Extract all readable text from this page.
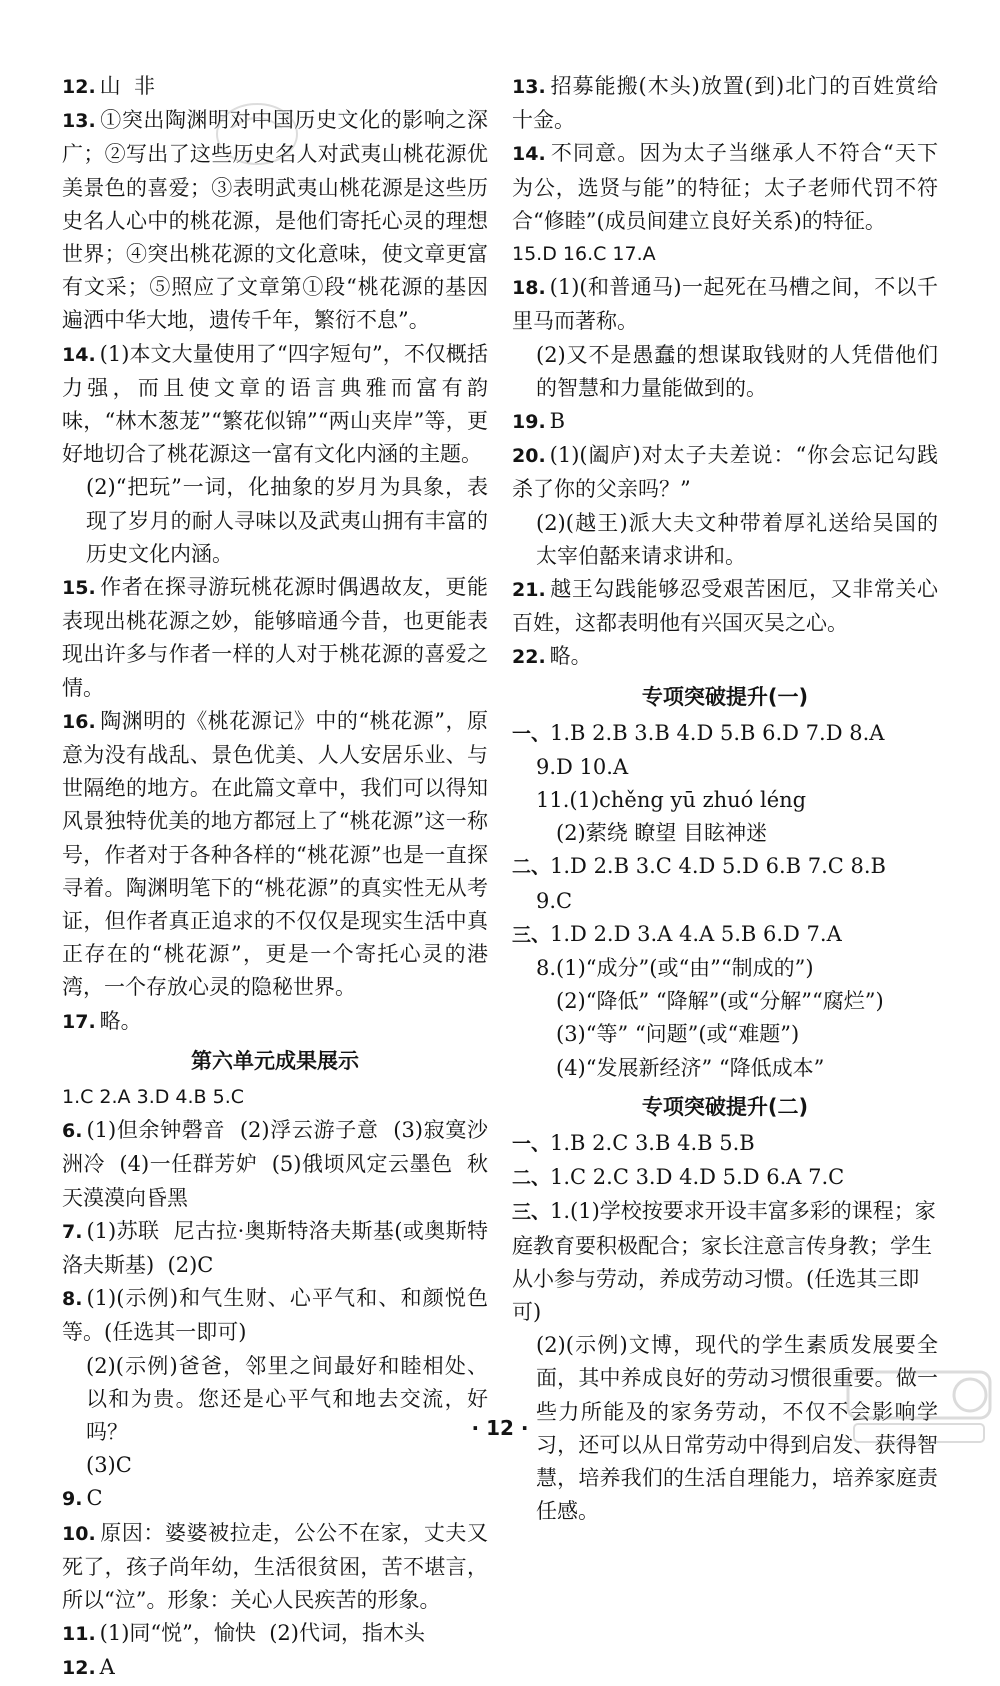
12. 山  非

13. ①突出陶渊明对中国历史文化的影响之深广；②写出了这些历史名人对武夷山桃花源优美景色的喜爱；③表明武夷山桃花源是这些历史名人心中的桃花源，是他们寄托心灵的理想世界；④突出桃花源的文化意味，使文章更富有文采；⑤照应了文章第①段“桃花源的基因遍洒中华大地，遗传千年，繁衍不息”。

14. (1)本文大量使用了“四字短句”，不仅概括力强，而且使文章的语言典雅而富有韵味，“林木葱茏”“繁花似锦”“两山夹岸”等，更好地切合了桃花源这一富有文化内涵的主题。

(2)“把玩”一词，化抽象的岁月为具象，表现了岁月的耐人寻味以及武夷山拥有丰富的历史文化内涵。

15. 作者在探寻游玩桃花源时偶遇故友，更能表现出桃花源之妙，能够暗通今昔，也更能表现出许多与作者一样的人对于桃花源的喜爱之情。

16. 陶渊明的《桃花源记》中的“桃花源”，原意为没有战乱、景色优美、人人安居乐业、与世隔绝的地方。在此篇文章中，我们可以得知风景独特优美的地方都冠上了“桃花源”这一称号，作者对于各种各样的“桃花源”也是一直探寻着。陶渊明笔下的“桃花源”的真实性无从考证，但作者真正追求的不仅仅是现实生活中真正存在的“桃花源”，更是一个寄托心灵的港湾，一个存放心灵的隐秘世界。

17. 略。

第六单元成果展示

1.C 2.A 3.D 4.B 5.C

6. (1)但余钟磬音  (2)浮云游子意  (3)寂寞沙洲冷  (4)一任群芳妒  (5)俄顷风定云墨色  秋天漠漠向昏黑

7. (1)苏联  尼古拉·奥斯特洛夫斯基(或奥斯特洛夫斯基)  (2)C

8. (1)(示例)和气生财、心平气和、和颜悦色等。(任选其一即可)

(2)(示例)爸爸，邻里之间最好和睦相处、以和为贵。您还是心平气和地去交流，好吗？

(3)C

9. C

10. 原因：婆婆被拉走，公公不在家，丈夫又死了，孩子尚年幼，生活很贫困，苦不堪言，所以“泣”。形象：关心人民疾苦的形象。

11. (1)同“悦”，愉快  (2)代词，指木头

12. A

13. 招募能搬(木头)放置(到)北门的百姓赏给十金。

14. 不同意。因为太子当继承人不符合“天下为公，选贤与能”的特征；太子老师代罚不符合“修睦”(成员间建立良好关系)的特征。

15.D 16.C 17.A

18. (1)(和普通马)一起死在马槽之间，不以千里马而著称。

(2)又不是愚蠢的想谋取钱财的人凭借他们的智慧和力量能做到的。

19. B

20. (1)(阖庐)对太子夫差说：“你会忘记勾践杀了你的父亲吗？”

(2)(越王)派大夫文种带着厚礼送给吴国的太宰伯嚭来请求讲和。

21. 越王勾践能够忍受艰苦困厄，又非常关心百姓，这都表明他有兴国灭吴之心。

22. 略。

专项突破提升(一)

一、1.B 2.B 3.B 4.D 5.B 6.D 7.D 8.A

9.D 10.A

11.(1)chěng yū zhuó léng

(2)萦绕 瞭望 目眩神迷

二、1.D 2.B 3.C 4.D 5.D 6.B 7.C 8.B

9.C

三、1.D 2.D 3.A 4.A 5.B 6.D 7.A

8.(1)“成分”(或“由”“制成的”)

(2)“降低” “降解”(或“分解”“腐烂”)

(3)“等” “问题”(或“难题”)

(4)“发展新经济” “降低成本”

专项突破提升(二)

一、1.B 2.C 3.B 4.B 5.B

二、1.C 2.C 3.D 4.D 5.D 6.A 7.C

三、1.(1)学校按要求开设丰富多彩的课程；家庭教育要积极配合；家长注意言传身教；学生从小参与劳动，养成劳动习惯。(任选其三即可)

(2)(示例)文博，现代的学生素质发展要全面，其中养成良好的劳动习惯很重要。做一些力所能及的家务劳动，不仅不会影响学习，还可以从日常劳动中得到启发、获得智慧，培养我们的生活自理能力，培养家庭责任感。

· 12 ·
